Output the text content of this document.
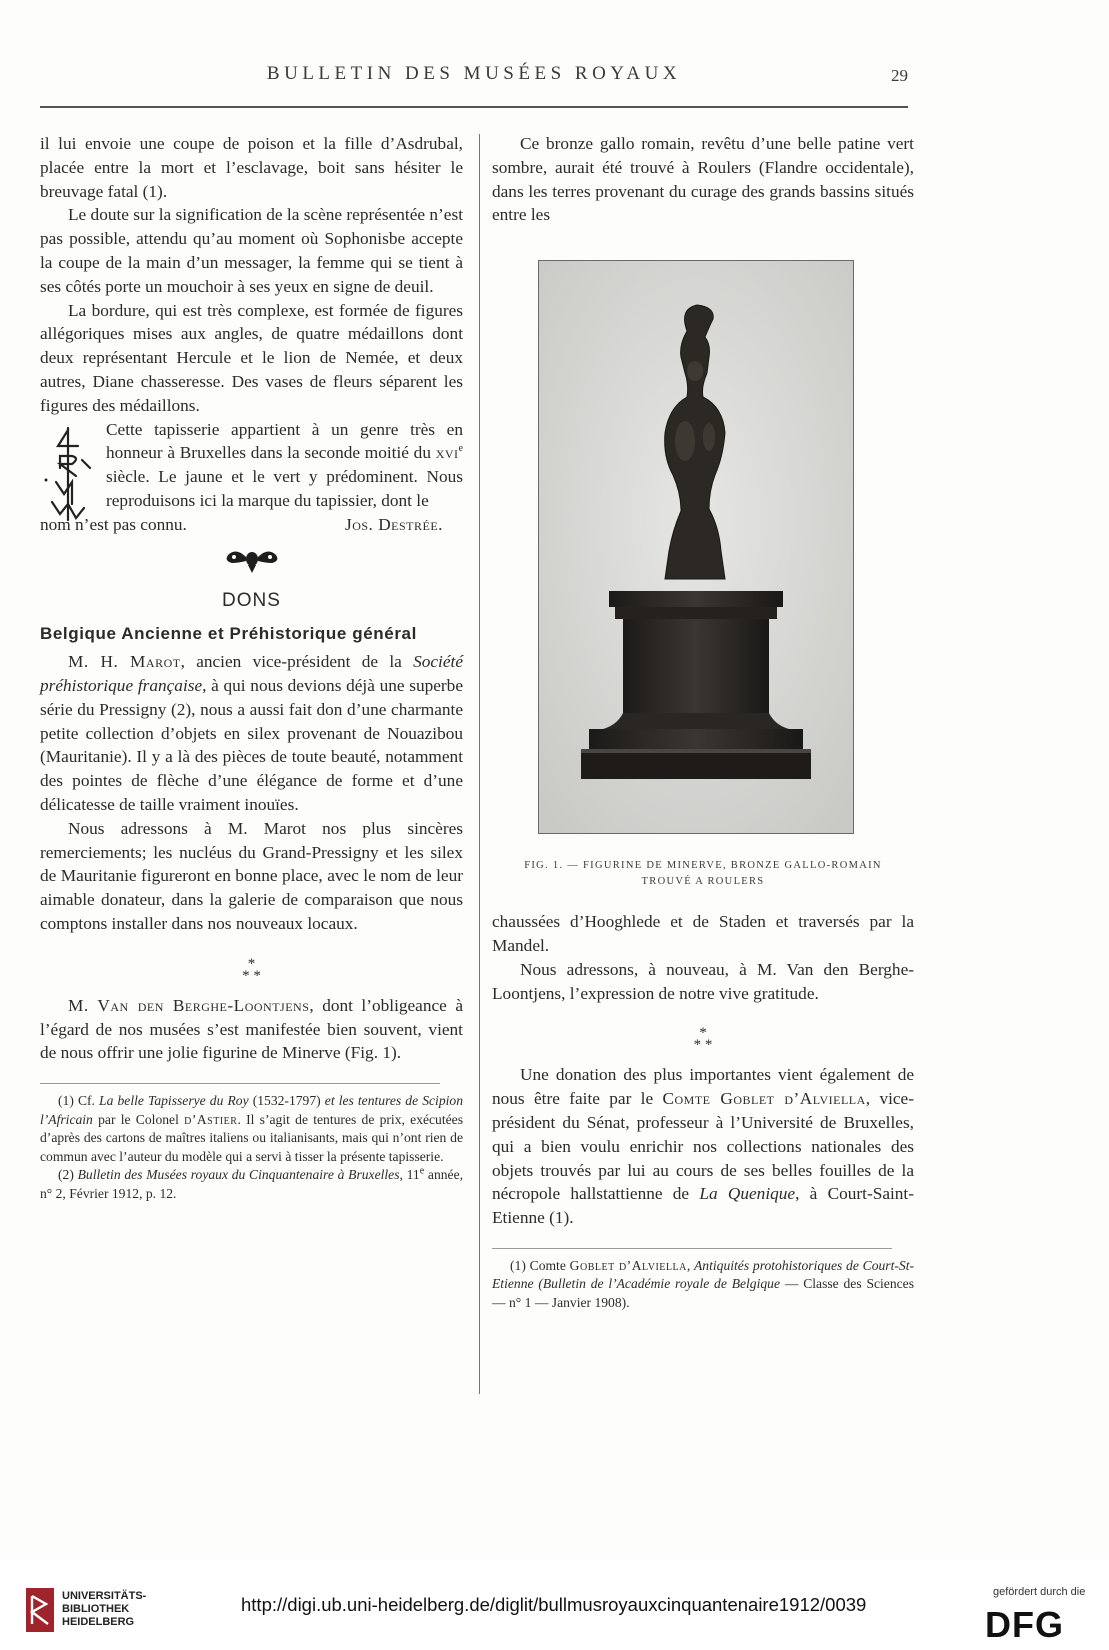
BULLETIN DES MUSÉES ROYAUX	29

il lui envoie une coupe de poison et la fille d’Asdrubal, placée entre la mort et l’esclavage, boit sans hésiter le breuvage fatal (1).

Le doute sur la signification de la scène représentée n’est pas possible, attendu qu’au moment où Sophonisbe accepte la coupe de la main d’un messager, la femme qui se tient à ses côtés porte un mouchoir à ses yeux en signe de deuil.

La bordure, qui est très complexe, est formée de figures allégoriques mises aux angles, de quatre médaillons dont deux représentant Hercule et le lion de Nemée, et deux autres, Diane chasseresse. Des vases de fleurs séparent les figures des médaillons.

Cette tapisserie appartient à un genre très en honneur à Bruxelles dans la seconde moitié du xvi$^e$ siècle. Le jaune et le vert y prédominent. Nous reproduisons ici la marque du tapissier, dont le

nom n’est pas connu.	Jos. Destrée.
DONS
Belgique Ancienne et Préhistorique général

M. H. Marot, ancien vice-président de la Société préhistorique française, à qui nous devions déjà une superbe série du Pressigny (2), nous a aussi fait don d’une charmante petite collection d’objets en silex provenant de Nouazibou (Mauritanie). Il y a là des pièces de toute beauté, notamment des pointes de flèche d’une élégance de forme et d’une délicatesse de taille vraiment inouïes.

Nous adressons à M. Marot nos plus sincères remerciements; les nucléus du Grand-Pressigny et les silex de Mauritanie figureront en bonne place, avec le nom de leur aimable donateur, dans la galerie de comparaison que nous comptons installer dans nos nouveaux locaux.

*
* *

M. Van den Berghe-Loontjens, dont l’obligeance à l’égard de nos musées s’est manifestée bien souvent, vient de nous offrir une jolie figurine de Minerve (Fig. 1).

(1) Cf. La belle Tapisserye du Roy (1532-1797) et les tentures de Scipion l’Africain par le Colonel d’Astier. Il s’agit de tentures de prix, exécutées d’après des cartons de maîtres italiens ou italianisants, mais qui n’ont rien de commun avec l’auteur du modèle qui a servi à tisser la présente tapisserie.

(2) Bulletin des Musées royaux du Cinquantenaire à Bruxelles, 11e année, n° 2, Février 1912, p. 12.

Ce bronze gallo romain, revêtu d’une belle patine vert sombre, aurait été trouvé à Roulers (Flandre occidentale), dans les terres provenant du curage des grands bassins situés entre les

FIG. 1. — FIGURINE DE MINERVE, BRONZE GALLO-ROMAIN
TROUVÉ A ROULERS

chaussées d’Hooghlede et de Staden et traversés par la Mandel.

Nous adressons, à nouveau, à M. Van den Berghe-Loontjens, l’expression de notre vive gratitude.

*
* *

Une donation des plus importantes vient également de nous être faite par le Comte Goblet d’Alviella, vice-président du Sénat, professeur à l’Université de Bruxelles, qui a bien voulu enrichir nos collections nationales des objets trouvés par lui au cours de ses belles fouilles de la nécropole hallstattienne de La Quenique, à Court-Saint-Etienne (1).

(1) Comte Goblet d’Alviella, Antiquités protohistoriques de Court-St-Etienne (Bulletin de l’Académie royale de Belgique — Classe des Sciences — n° 1 — Janvier 1908).

UNIVERSITÄTS-
BIBLIOTHEK
HEIDELBERG
http://digi.ub.uni-heidelberg.de/diglit/bullmusroyauxcinquantenaire1912/0039
gefördert durch die
DFG
